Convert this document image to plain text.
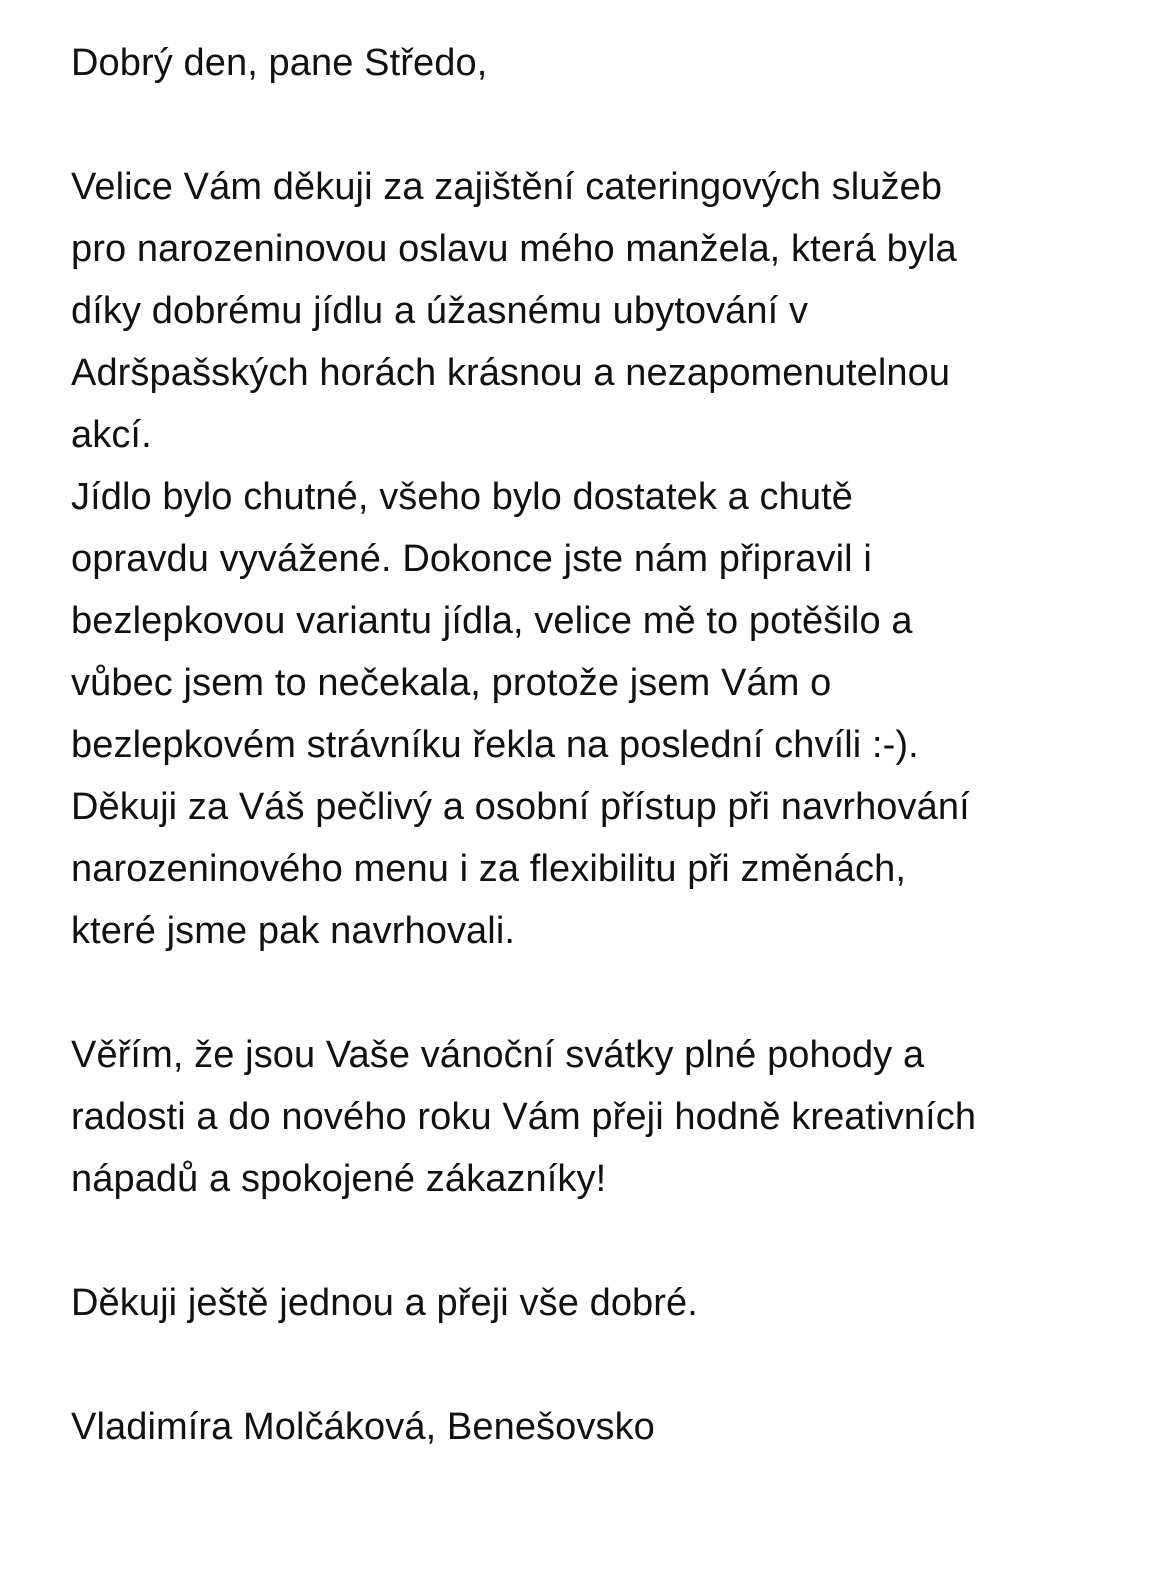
Dobrý den, pane Středo,
Velice Vám děkuji za zajištění cateringových služeb
pro narozeninovou oslavu mého manžela, která byla
díky dobrému jídlu a úžasnému ubytování v
Adršpašských horách krásnou a nezapomenutelnou
akcí.
Jídlo bylo chutné, všeho bylo dostatek a chutě
opravdu vyvážené. Dokonce jste nám připravil i
bezlepkovou variantu jídla, velice mě to potěšilo a
vůbec jsem to nečekala, protože jsem Vám o
bezlepkovém strávníku řekla na poslední chvíli :-).
Děkuji za Váš pečlivý a osobní přístup při navrhování
narozeninového menu i za flexibilitu při změnách,
které jsme pak navrhovali.
Věřím, že jsou Vaše vánoční svátky plné pohody a
radosti a do nového roku Vám přeji hodně kreativních
nápadů a spokojené zákazníky!
Děkuji ještě jednou a přeji vše dobré.
Vladimíra Molčáková, Benešovsko
